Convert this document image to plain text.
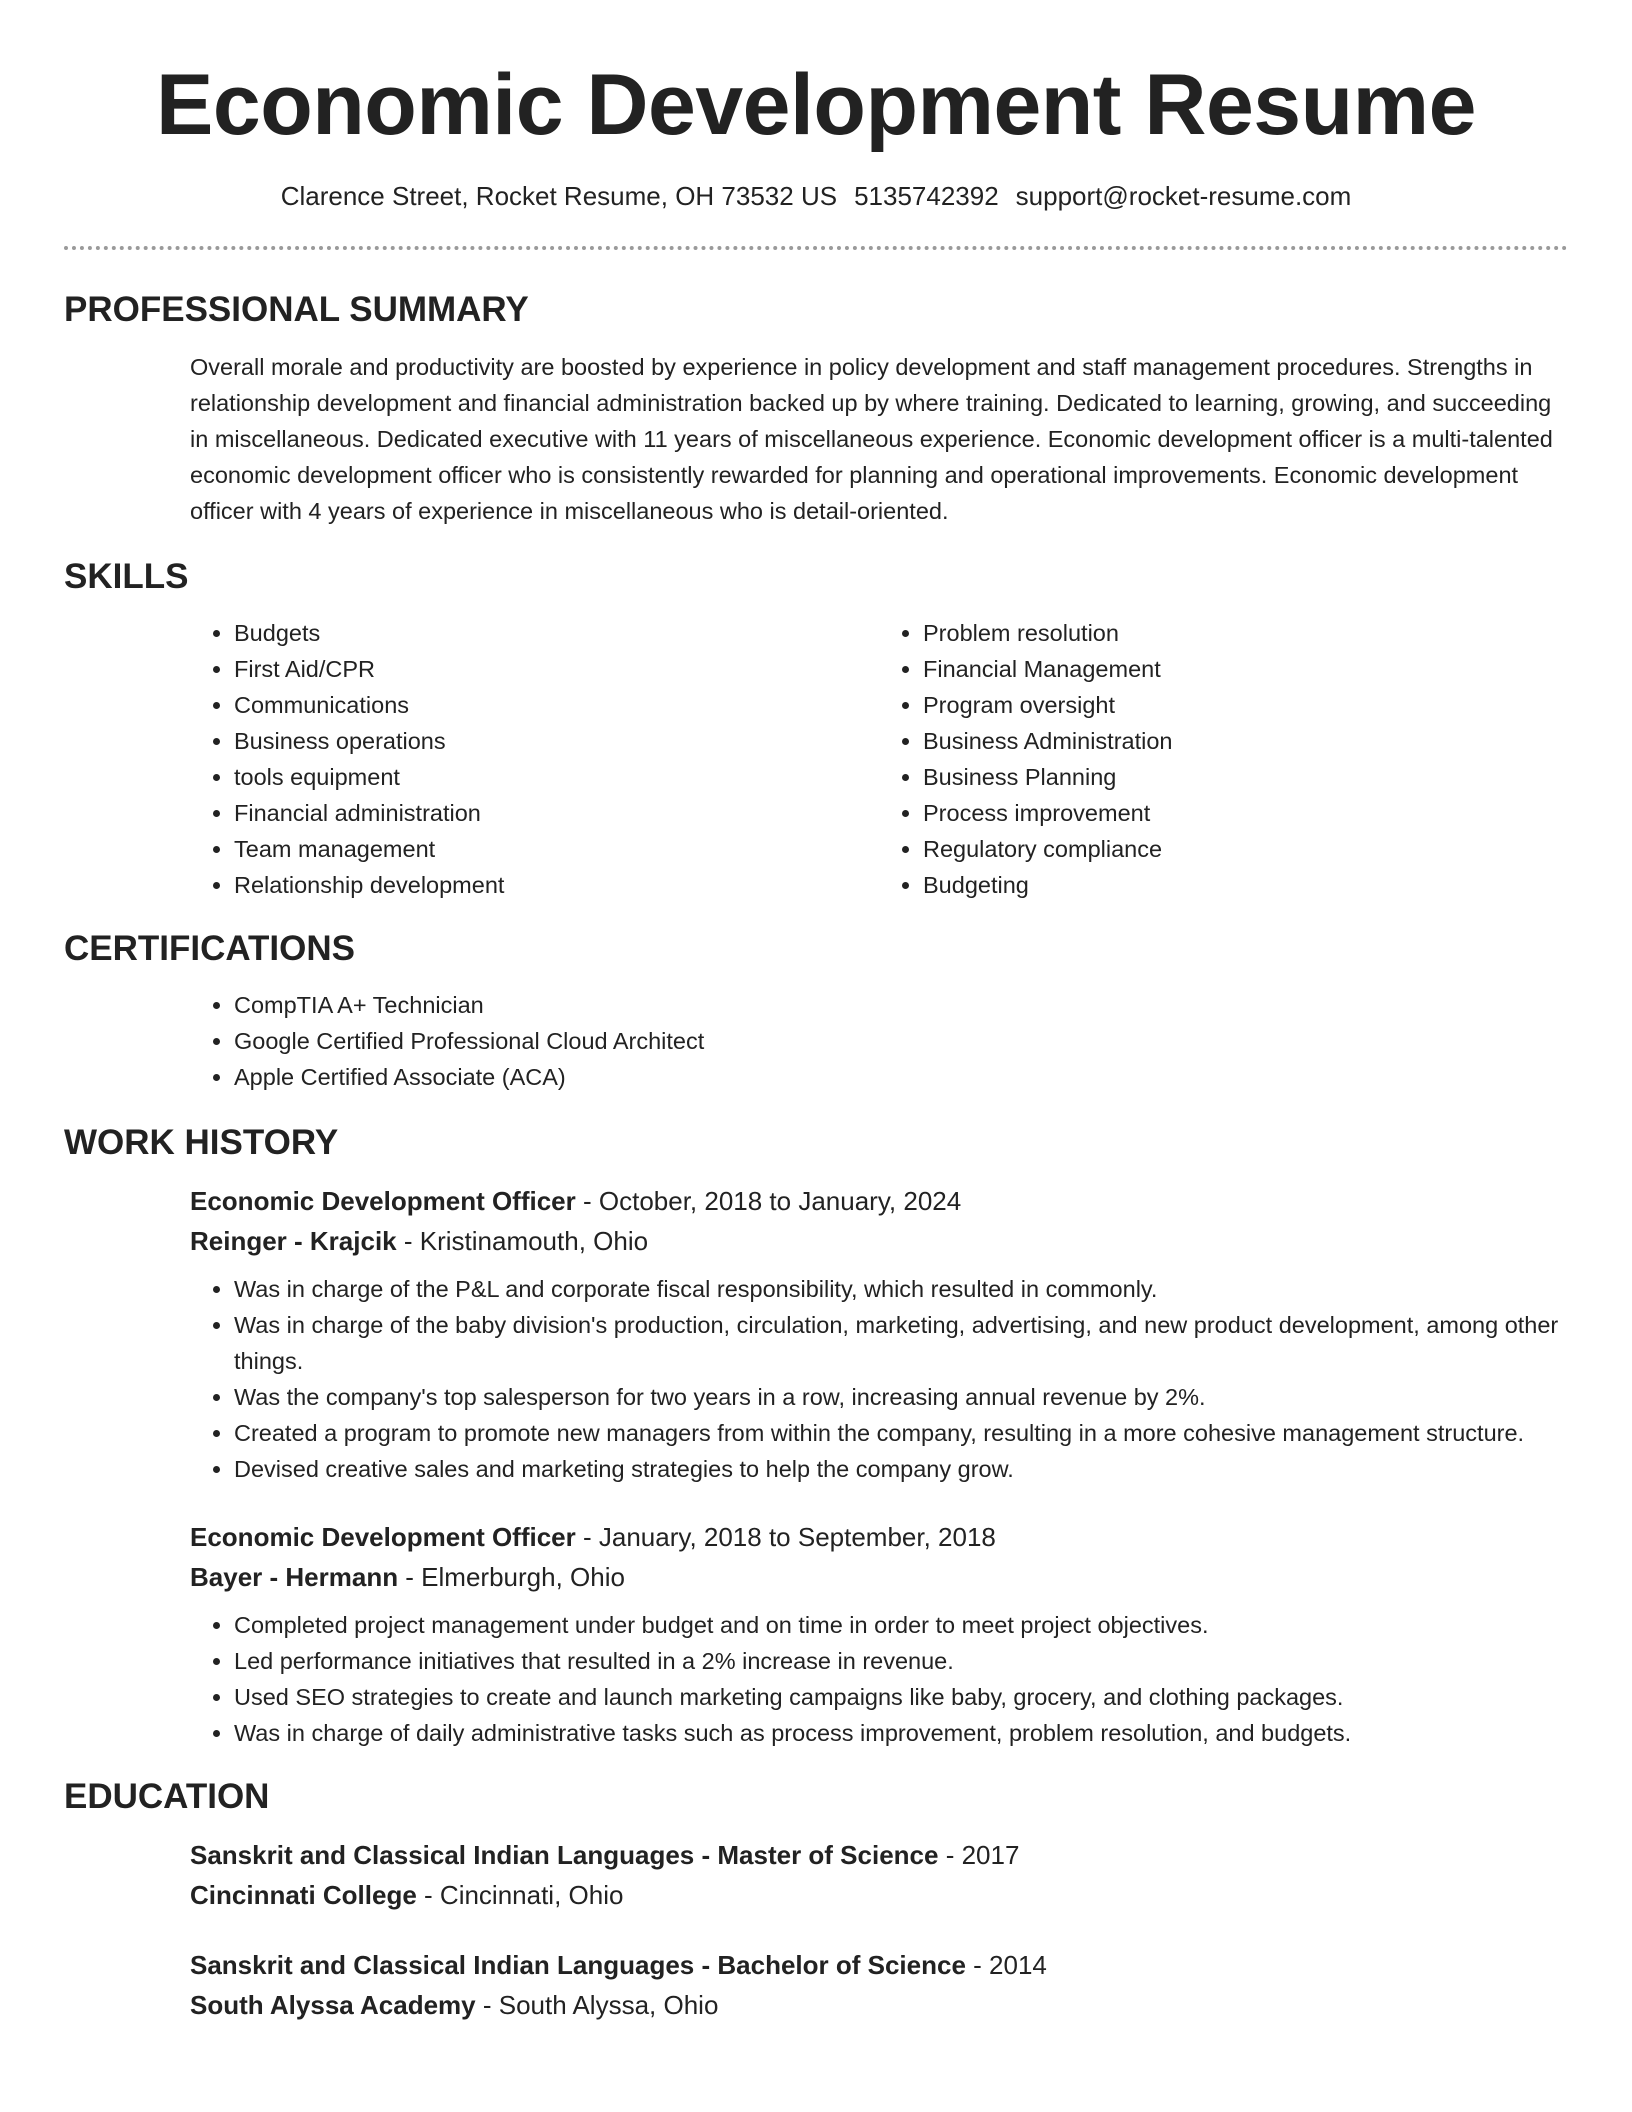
Economic Development Resume
Clarence Street, Rocket Resume, OH 73532 US 5135742392 support@rocket-resume.com
PROFESSIONAL SUMMARY

Overall morale and productivity are boosted by experience in policy development and staff management procedures. Strengths in relationship development and financial administration backed up by where training. Dedicated to learning, growing, and succeeding in miscellaneous. Dedicated executive with 11 years of miscellaneous experience. Economic development officer is a multi-talented economic development officer who is consistently rewarded for planning and operational improvements. Economic development officer with 4 years of experience in miscellaneous who is detail-oriented.

SKILLS
• Budgets
• First Aid/CPR
• Communications
• Business operations
• tools equipment
• Financial administration
• Team management
• Relationship development
• Problem resolution
• Financial Management
• Program oversight
• Business Administration
• Business Planning
• Process improvement
• Regulatory compliance
• Budgeting
CERTIFICATIONS
• CompTIA A+ Technician
• Google Certified Professional Cloud Architect
• Apple Certified Associate (ACA)
WORK HISTORY
Economic Development Officer - October, 2018 to January, 2024
Reinger - Krajcik - Kristinamouth, Ohio
• Was in charge of the P&L and corporate fiscal responsibility, which resulted in commonly.
• Was in charge of the baby division's production, circulation, marketing, advertising, and new product development, among other things.
• Was the company's top salesperson for two years in a row, increasing annual revenue by 2%.
• Created a program to promote new managers from within the company, resulting in a more cohesive management structure.
• Devised creative sales and marketing strategies to help the company grow.
Economic Development Officer - January, 2018 to September, 2018
Bayer - Hermann - Elmerburgh, Ohio
• Completed project management under budget and on time in order to meet project objectives.
• Led performance initiatives that resulted in a 2% increase in revenue.
• Used SEO strategies to create and launch marketing campaigns like baby, grocery, and clothing packages.
• Was in charge of daily administrative tasks such as process improvement, problem resolution, and budgets.
EDUCATION
Sanskrit and Classical Indian Languages - Master of Science - 2017
Cincinnati College - Cincinnati, Ohio
Sanskrit and Classical Indian Languages - Bachelor of Science - 2014
South Alyssa Academy - South Alyssa, Ohio
